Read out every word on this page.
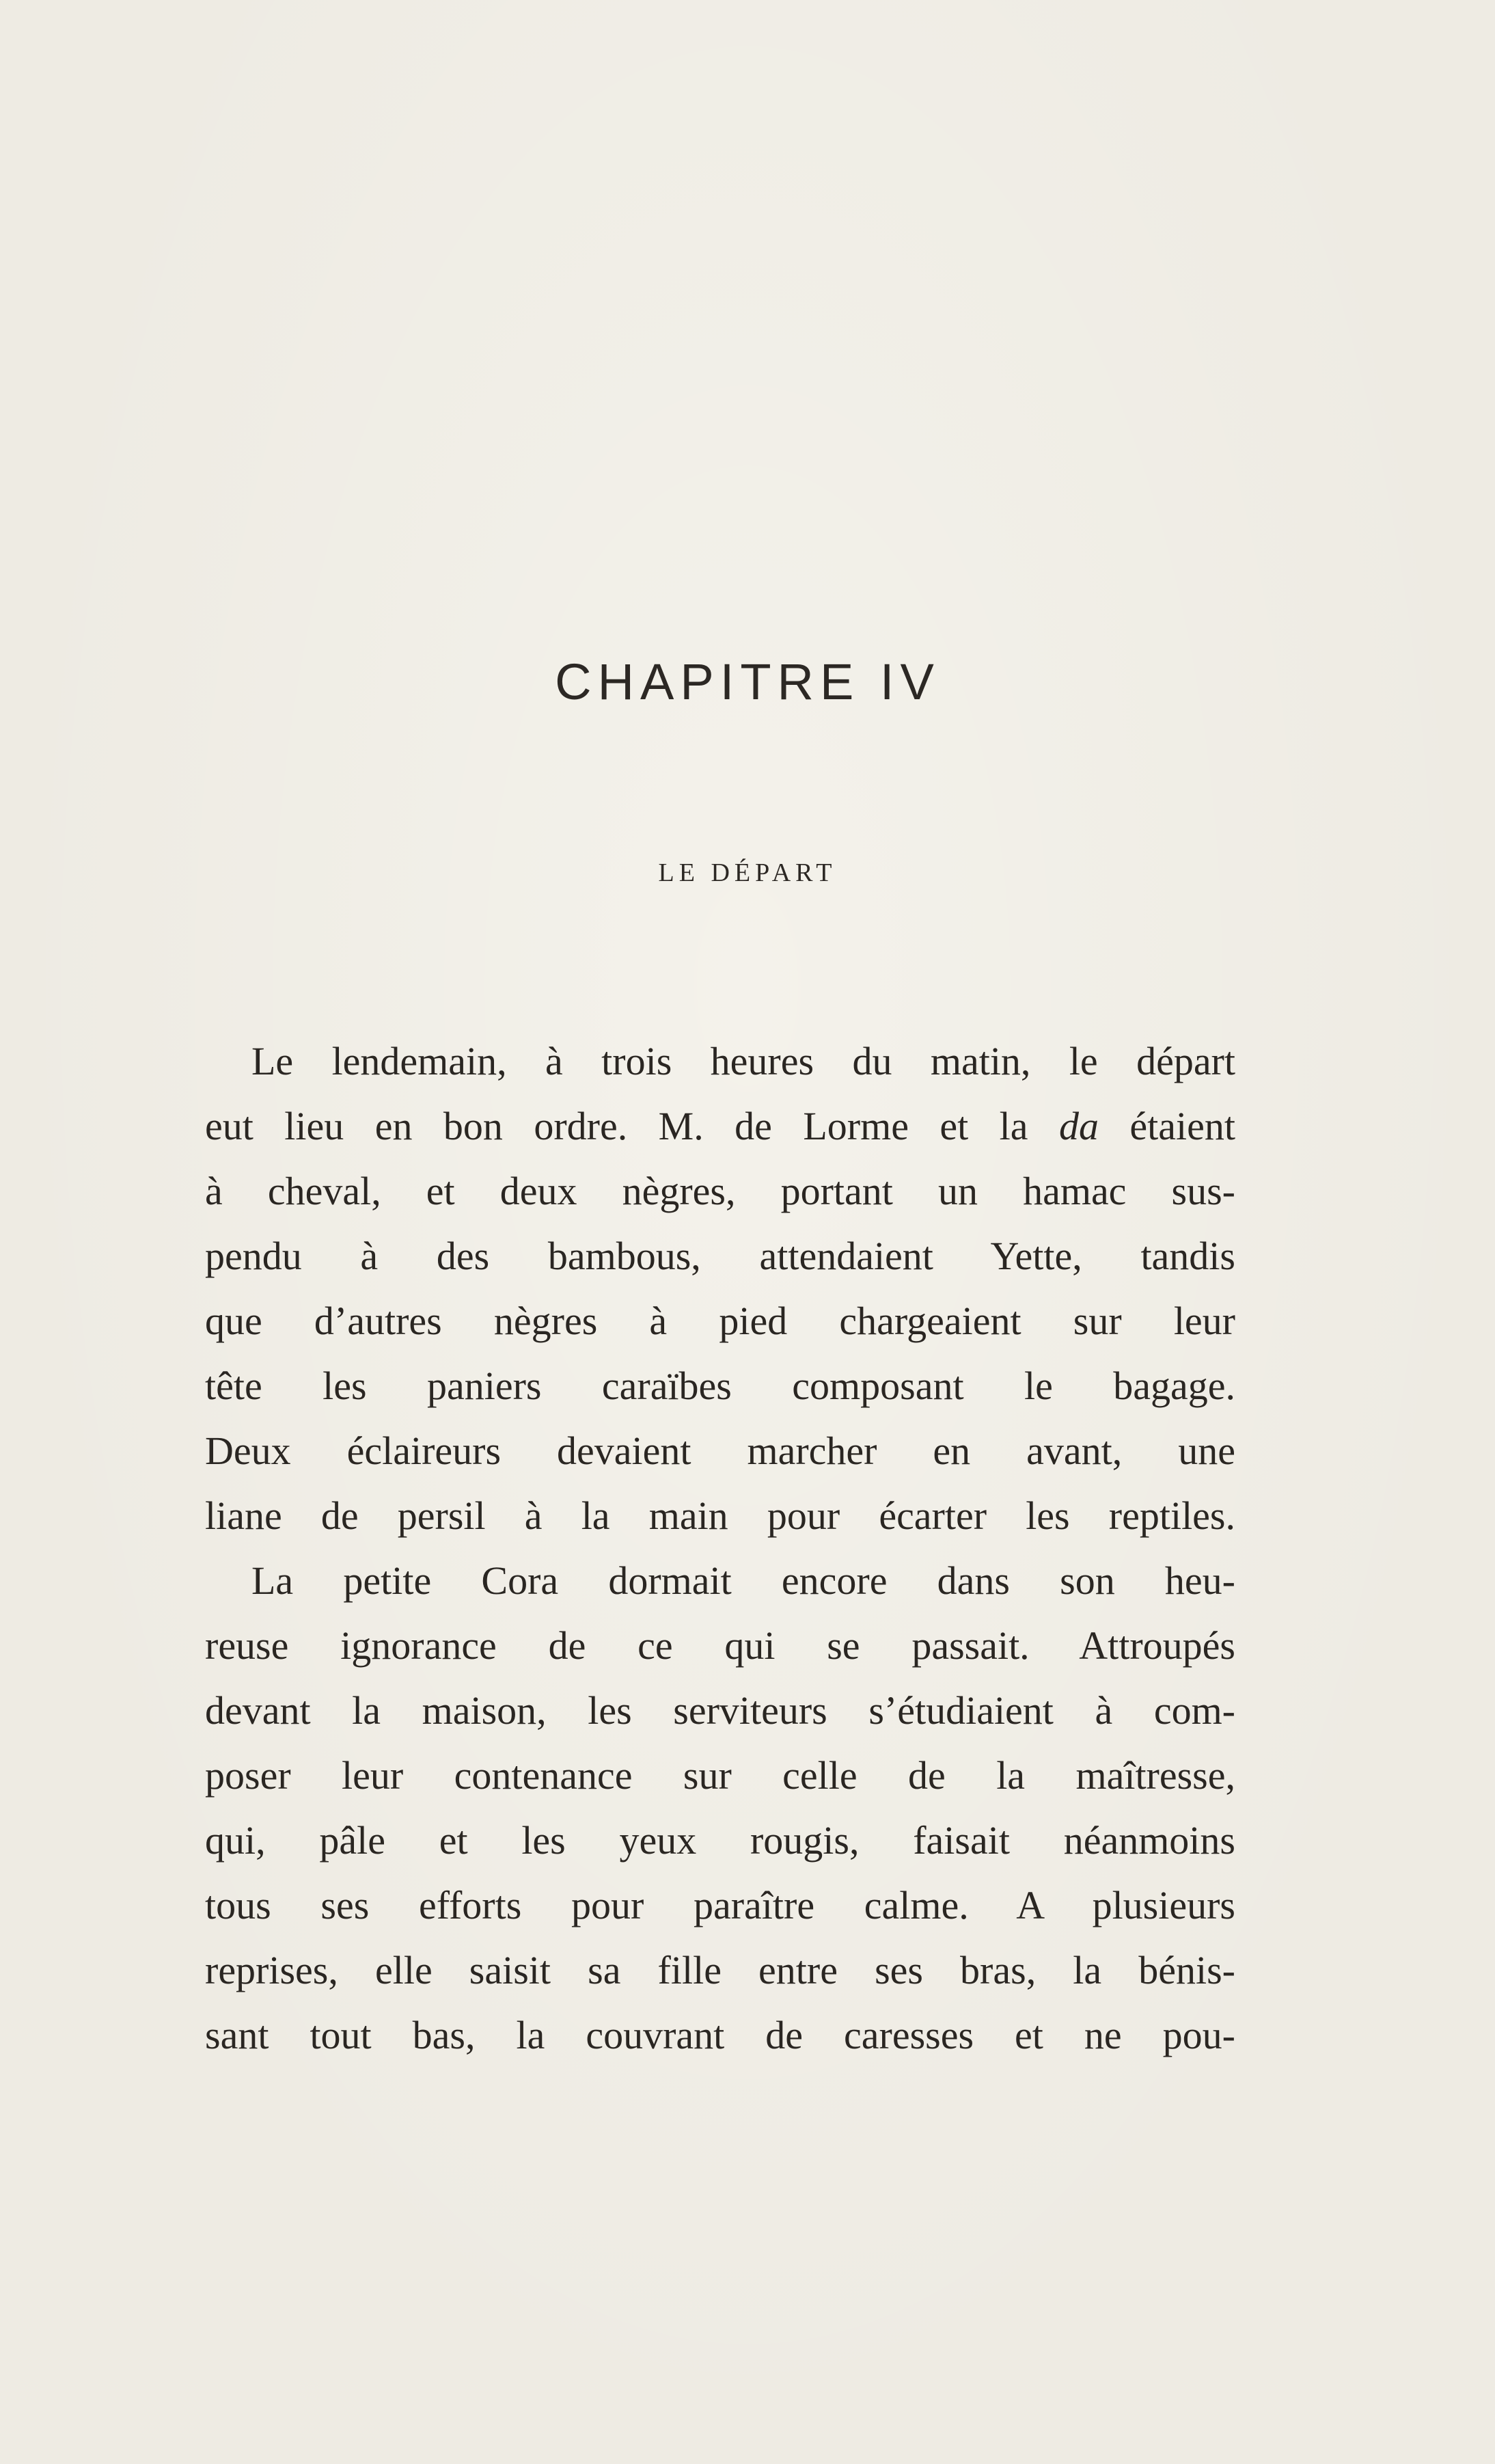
CHAPITRE IV
LE DÉPART
Le lendemain, à trois heures du matin, le départ
eut lieu en bon ordre. M. de Lorme et la da étaient
à cheval, et deux nègres, portant un hamac sus-
pendu à des bambous, attendaient Yette, tandis
que d’autres nègres à pied chargeaient sur leur
tête les paniers caraïbes composant le bagage.
Deux éclaireurs devaient marcher en avant, une
liane de persil à la main pour écarter les reptiles.
La petite Cora dormait encore dans son heu-
reuse ignorance de ce qui se passait. Attroupés
devant la maison, les serviteurs s’étudiaient à com-
poser leur contenance sur celle de la maîtresse,
qui, pâle et les yeux rougis, faisait néanmoins
tous ses efforts pour paraître calme. A plusieurs
reprises, elle saisit sa fille entre ses bras, la bénis-
sant tout bas, la couvrant de caresses et ne pou-
